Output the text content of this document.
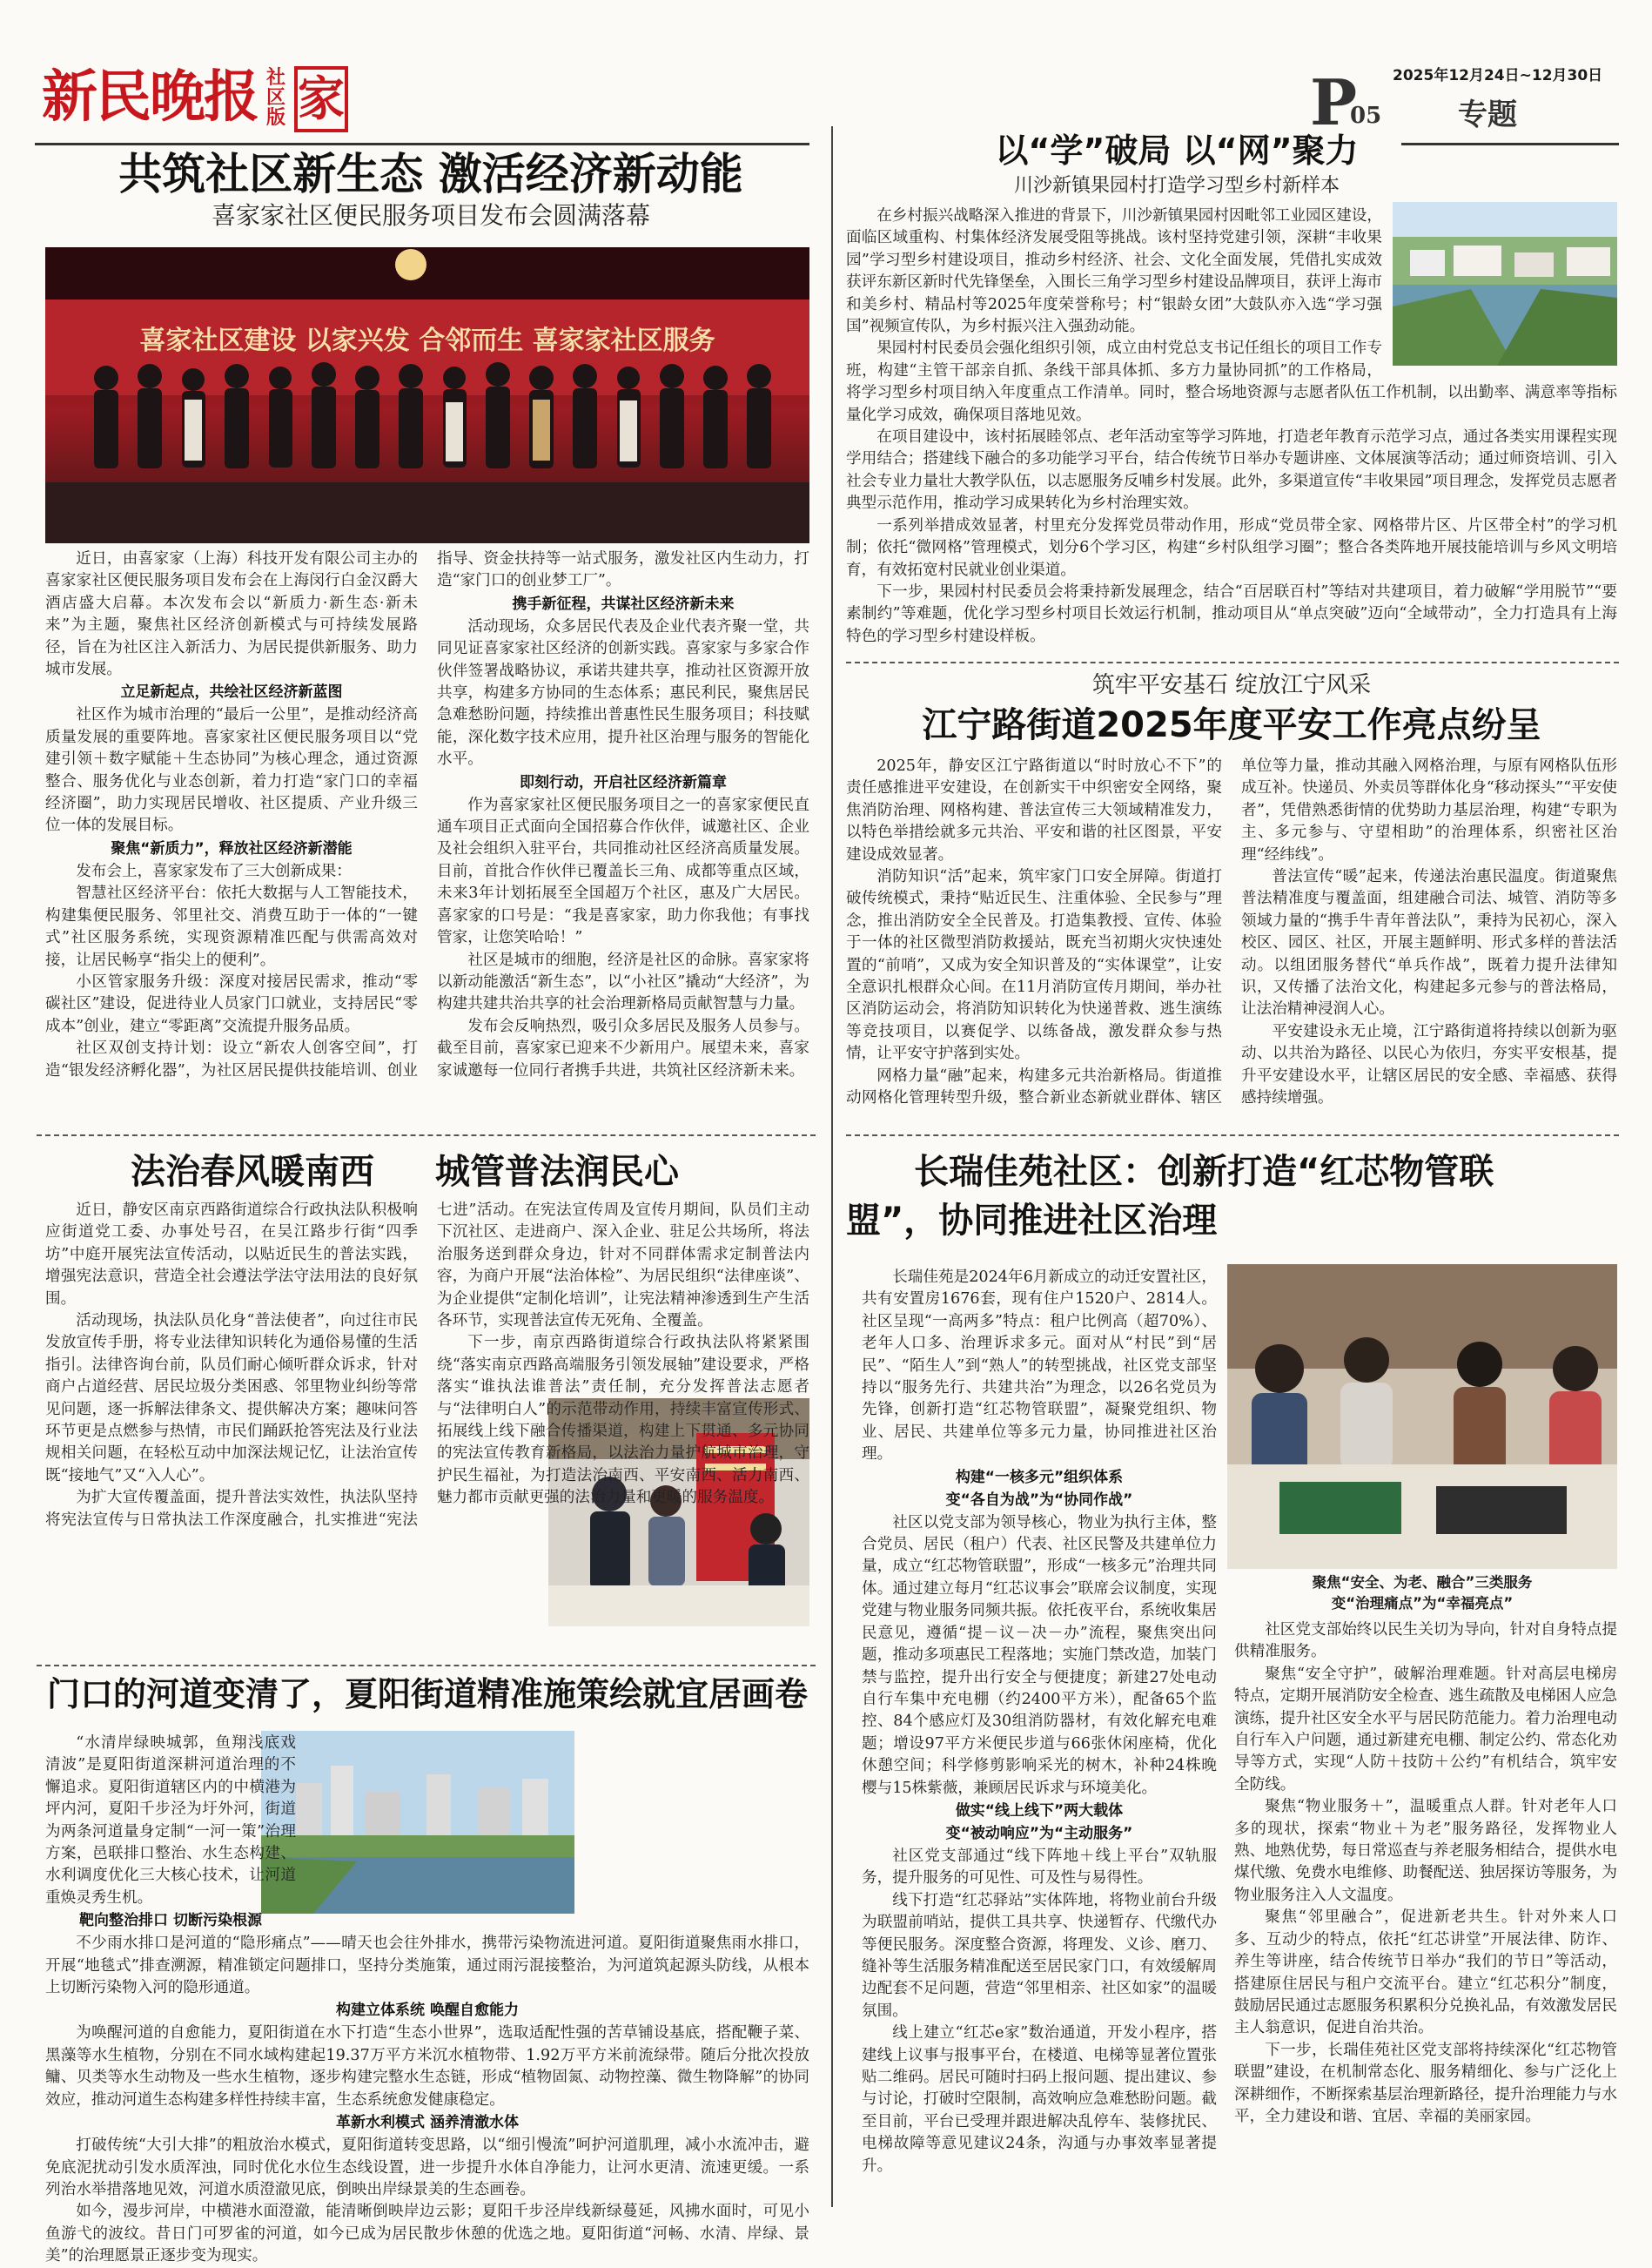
新民晚报 社区版 家	2025年12月24日~12月30日
P
05	专题
共筑社区新生态 激活经济新动能
喜家家社区便民服务项目发布会圆满落幕
喜家社区建设 以家兴发 合邻而生 喜家家社区服务

近日，由喜家家（上海）科技开发有限公司主办的喜家家社区便民服务项目发布会在上海闵行白金汉爵大酒店盛大启幕。本次发布会以“新质力·新生态·新未来”为主题，聚焦社区经济创新模式与可持续发展路径，旨在为社区注入新活力、为居民提供新服务、助力城市发展。

立足新起点，共绘社区经济新蓝图

社区作为城市治理的“最后一公里”，是推动经济高质量发展的重要阵地。喜家家社区便民服务项目以“党建引领＋数字赋能＋生态协同”为核心理念，通过资源整合、服务优化与业态创新，着力打造“家门口的幸福经济圈”，助力实现居民增收、社区提质、产业升级三位一体的发展目标。

聚焦“新质力”，释放社区经济新潜能

发布会上，喜家家发布了三大创新成果：

智慧社区经济平台：依托大数据与人工智能技术，构建集便民服务、邻里社交、消费互助于一体的“一键式”社区服务系统，实现资源精准匹配与供需高效对接，让居民畅享“指尖上的便利”。

小区管家服务升级：深度对接居民需求，推动“零碳社区”建设，促进待业人员家门口就业，支持居民“零成本”创业，建立“零距离”交流提升服务品质。

社区双创支持计划：设立“新农人创客空间”，打造“银发经济孵化器”，为社区居民提供技能培训、创业指导、资金扶持等一站式服务，激发社区内生动力，打造“家门口的创业梦工厂”。

携手新征程，共谋社区经济新未来

活动现场，众多居民代表及企业代表齐聚一堂，共同见证喜家家社区经济的创新实践。喜家家与多家合作伙伴签署战略协议，承诺共建共享，推动社区资源开放共享，构建多方协同的生态体系；惠民利民，聚焦居民急难愁盼问题，持续推出普惠性民生服务项目；科技赋能，深化数字技术应用，提升社区治理与服务的智能化水平。

即刻行动，开启社区经济新篇章

作为喜家家社区便民服务项目之一的喜家家便民直通车项目正式面向全国招募合作伙伴，诚邀社区、企业及社会组织入驻平台，共同推动社区经济高质量发展。目前，首批合作伙伴已覆盖长三角、成都等重点区域，未来3年计划拓展至全国超万个社区，惠及广大居民。喜家家的口号是：“我是喜家家，助力你我他；有事找管家，让您笑哈哈！”

社区是城市的细胞，经济是社区的命脉。喜家家将以新动能激活“新生态”，以“小社区”撬动“大经济”，为构建共建共治共享的社会治理新格局贡献智慧与力量。

发布会反响热烈，吸引众多居民及服务人员参与。截至目前，喜家家已迎来不少新用户。展望未来，喜家家诚邀每一位同行者携手共进，共筑社区经济新未来。

以“学”破局 以“网”聚力
川沙新镇果园村打造学习型乡村新样本

在乡村振兴战略深入推进的背景下，川沙新镇果园村因毗邻工业园区建设，面临区域重构、村集体经济发展受阻等挑战。该村坚持党建引领，深耕“丰收果园”学习型乡村建设项目，推动乡村经济、社会、文化全面发展，凭借扎实成效获评东新区新时代先锋堡垒，入围长三角学习型乡村建设品牌项目，获评上海市和美乡村、精品村等2025年度荣誉称号；村“银龄女团”大鼓队亦入选“学习强国”视频宣传队，为乡村振兴注入强劲动能。

果园村村民委员会强化组织引领，成立由村党总支书记任组长的项目工作专班，构建“主管干部亲自抓、条线干部具体抓、多方力量协同抓”的工作格局，将学习型乡村项目纳入年度重点工作清单。同时，整合场地资源与志愿者队伍工作机制，以出勤率、满意率等指标量化学习成效，确保项目落地见效。

在项目建设中，该村拓展睦邻点、老年活动室等学习阵地，打造老年教育示范学习点，通过各类实用课程实现学用结合；搭建线下融合的多功能学习平台，结合传统节日举办专题讲座、文体展演等活动；通过师资培训、引入社会专业力量壮大教学队伍，以志愿服务反哺乡村发展。此外，多渠道宣传“丰收果园”项目理念，发挥党员志愿者典型示范作用，推动学习成果转化为乡村治理实效。

一系列举措成效显著，村里充分发挥党员带动作用，形成“党员带全家、网格带片区、片区带全村”的学习机制；依托“微网格”管理模式，划分6个学习区，构建“乡村队组学习圈”；整合各类阵地开展技能培训与乡风文明培育，有效拓宽村民就业创业渠道。

下一步，果园村村民委员会将秉持新发展理念，结合“百居联百村”等结对共建项目，着力破解“学用脱节”“要素制约”等难题，优化学习型乡村项目长效运行机制，推动项目从“单点突破”迈向“全域带动”，全力打造具有上海特色的学习型乡村建设样板。

筑牢平安基石 绽放江宁风采
江宁路街道2025年度平安工作亮点纷呈

2025年，静安区江宁路街道以“时时放心不下”的责任感推进平安建设，在创新实干中织密安全网络，聚焦消防治理、网格构建、普法宣传三大领域精准发力，以特色举措绘就多元共治、平安和谐的社区图景，平安建设成效显著。

消防知识“活”起来，筑牢家门口安全屏障。街道打破传统模式，秉持“贴近民生、注重体验、全民参与”理念，推出消防安全全民普及。打造集教授、宣传、体验于一体的社区微型消防救援站，既充当初期火灾快速处置的“前哨”，又成为安全知识普及的“实体课堂”，让安全意识扎根群众心间。在11月消防宣传月期间，举办社区消防运动会，将消防知识转化为快递普救、逃生演练等竞技项目，以赛促学、以练备战，激发群众参与热情，让平安守护落到实处。

网格力量“融”起来，构建多元共治新格局。街道推动网格化管理转型升级，整合新业态新就业群体、辖区单位等力量，推动其融入网格治理，与原有网格队伍形成互补。快递员、外卖员等群体化身“移动探头”“平安使者”，凭借熟悉街情的优势助力基层治理，构建“专职为主、多元参与、守望相助”的治理体系，织密社区治理“经纬线”。

普法宣传“暖”起来，传递法治惠民温度。街道聚焦普法精准度与覆盖面，组建融合司法、城管、消防等多领域力量的“携手牛青年普法队”，秉持为民初心，深入校区、园区、社区，开展主题鲜明、形式多样的普法活动。以组团服务替代“单兵作战”，既着力提升法律知识，又传播了法治文化，构建起多元参与的普法格局，让法治精神浸润人心。

平安建设永无止境，江宁路街道将持续以创新为驱动、以共治为路径、以民心为依归，夯实平安根基，提升平安建设水平，让辖区居民的安全感、幸福感、获得感持续增强。

法治春风暖南西	城管普法润民心

近日，静安区南京西路街道综合行政执法队积极响应街道党工委、办事处号召，在吴江路步行街“四季坊”中庭开展宪法宣传活动，以贴近民生的普法实践，增强宪法意识，营造全社会遵法学法守法用法的良好氛围。

活动现场，执法队员化身“普法使者”，向过往市民发放宣传手册，将专业法律知识转化为通俗易懂的生活指引。法律咨询台前，队员们耐心倾听群众诉求，针对商户占道经营、居民垃圾分类困惑、邻里物业纠纷等常见问题，逐一拆解法律条文、提供解决方案；趣味问答环节更是点燃参与热情，市民们踊跃抢答宪法及行业法规相关问题，在轻松互动中加深法规记忆，让法治宣传既“接地气”又“入人心”。

为扩大宣传覆盖面，提升普法实效性，执法队坚持将宪法宣传与日常执法工作深度融合，扎实推进“宪法七进”活动。在宪法宣传周及宣传月期间，队员们主动下沉社区、走进商户、深入企业、驻足公共场所，将法治服务送到群众身边，针对不同群体需求定制普法内容，为商户开展“法治体检”、为居民组织“法律座谈”、为企业提供“定制化培训”，让宪法精神渗透到生产生活各环节，实现普法宣传无死角、全覆盖。

下一步，南京西路街道综合行政执法队将紧紧围绕“落实南京西路高端服务引领发展轴”建设要求，严格落实“谁执法谁普法”责任制，充分发挥普法志愿者与“法律明白人”的示范带动作用，持续丰富宣传形式、拓展线上线下融合传播渠道，构建上下贯通、多元协同的宪法宣传教育新格局，以法治力量护航城市治理，守护民生福祉，为打造法治南西、平安南西、活力南西、魅力都市贡献更强的法治力量和更暖的服务温度。

门口的河道变清了，夏阳街道精准施策绘就宜居画卷

“水清岸绿映城郭，鱼翔浅底戏清波”是夏阳街道深耕河道治理的不懈追求。夏阳街道辖区内的中横港为坪内河，夏阳千步泾为圩外河，街道为两条河道量身定制“一河一策”治理方案，邑联排口整治、水生态构建、水利调度优化三大核心技术，让河道重焕灵秀生机。

靶向整治排口 切断污染根源

不少雨水排口是河道的“隐形痛点”——晴天也会往外排水，携带污染物流进河道。夏阳街道聚焦雨水排口，开展“地毯式”排查溯源，精准锁定问题排口，坚持分类施策，通过雨污混接整治，为河道筑起源头防线，从根本上切断污染物入河的隐形通道。

构建立体系统 唤醒自愈能力

为唤醒河道的自愈能力，夏阳街道在水下打造“生态小世界”，选取适配性强的苦草铺设基底，搭配鞭子菜、黑藻等水生植物，分别在不同水域构建起19.37万平方米沉水植物带、1.92万平方米前流绿带。随后分批次投放鳙、贝类等水生动物及一些水生植物，逐步构建完整水生态链，形成“植物固氮、动物控藻、微生物降解”的协同效应，推动河道生态构建多样性持续丰富，生态系统愈发健康稳定。

革新水利模式 涵养清澈水体

打破传统“大引大排”的粗放治水模式，夏阳街道转变思路，以“细引慢流”呵护河道肌理，减小水流冲击，避免底泥扰动引发水质浑浊，同时优化水位生态线设置，进一步提升水体自净能力，让河水更清、流速更缓。一系列治水举措落地见效，河道水质澄澈见底，倒映出岸绿景美的生态画卷。

如今，漫步河岸，中横港水面澄澈，能清晰倒映岸边云影；夏阳千步泾岸线新绿蔓延，风拂水面时，可见小鱼游弋的波纹。昔日门可罗雀的河道，如今已成为居民散步休憩的优选之地。夏阳街道“河畅、水清、岸绿、景美”的治理愿景正逐步变为现实。

长瑞佳苑社区：创新打造“红芯物管联
盟”，协同推进社区治理
聚焦“安全、为老、融合”三类服务
变“治理痛点”为“幸福亮点”

长瑞佳苑是2024年6月新成立的动迁安置社区，共有安置房1676套，现有住户1520户、2814人。社区呈现“一高两多”特点：租户比例高（超70%）、老年人口多、治理诉求多元。面对从“村民”到“居民”、“陌生人”到“熟人”的转型挑战，社区党支部坚持以“服务先行、共建共治”为理念，以26名党员为先锋，创新打造“红芯物管联盟”，凝聚党组织、物业、居民、共建单位等多元力量，协同推进社区治理。

构建“一核多元”组织体系
变“各自为战”为“协同作战”

社区以党支部为领导核心，物业为执行主体，整合党员、居民（租户）代表、社区民警及共建单位力量，成立“红芯物管联盟”，形成“一核多元”治理共同体。通过建立每月“红芯议事会”联席会议制度，实现党建与物业服务同频共振。依托夜平台，系统收集居民意见，遵循“提－议－决－办”流程，聚焦突出问题，推动多项惠民工程落地；实施门禁改造，加装门禁与监控，提升出行安全与便捷度；新建27处电动自行车集中充电棚（约2400平方米），配备65个监控、84个感应灯及30组消防器材，有效化解充电难题；增设97平方米便民步道与66张休闲座椅，优化休憩空间；科学修剪影响采光的树木，补种24株晚樱与15株紫薇，兼顾居民诉求与环境美化。

做实“线上线下”两大载体
变“被动响应”为“主动服务”

社区党支部通过“线下阵地＋线上平台”双轨服务，提升服务的可见性、可及性与易得性。

线下打造“红芯驿站”实体阵地，将物业前台升级为联盟前哨站，提供工具共享、快递暂存、代缴代办等便民服务。深度整合资源，将理发、义诊、磨刀、缝补等生活服务精准配送至居民家门口，有效缓解周边配套不足问题，营造“邻里相亲、社区如家”的温暖氛围。

线上建立“红芯e家”数治通道，开发小程序，搭建线上议事与报事平台，在楼道、电梯等显著位置张贴二维码。居民可随时扫码上报问题、提出建议、参与讨论，打破时空限制，高效响应急难愁盼问题。截至目前，平台已受理并跟进解决乱停车、装修扰民、电梯故障等意见建议24条，沟通与办事效率显著提升。

社区党支部始终以民生关切为导向，针对自身特点提供精准服务。

聚焦“安全守护”，破解治理难题。针对高层电梯房特点，定期开展消防安全检查、逃生疏散及电梯困人应急演练，提升社区安全水平与居民防范能力。着力治理电动自行车入户问题，通过新建充电棚、制定公约、常态化劝导等方式，实现“人防＋技防＋公约”有机结合，筑牢安全防线。

聚焦“物业服务＋”，温暖重点人群。针对老年人口多的现状，探索“物业＋为老”服务路径，发挥物业人熟、地熟优势，每日常巡查与养老服务相结合，提供水电煤代缴、免费水电维修、助餐配送、独居探访等服务，为物业服务注入人文温度。

聚焦“邻里融合”，促进新老共生。针对外来人口多、互动少的特点，依托“红芯讲堂”开展法律、防诈、养生等讲座，结合传统节日举办“我们的节日”等活动，搭建原住居民与租户交流平台。建立“红芯积分”制度，鼓励居民通过志愿服务积累积分兑换礼品，有效激发居民主人翁意识，促进自治共治。

下一步，长瑞佳苑社区党支部将持续深化“红芯物管联盟”建设，在机制常态化、服务精细化、参与广泛化上深耕细作，不断探索基层治理新路径，提升治理能力与水平，全力建设和谐、宜居、幸福的美丽家园。
